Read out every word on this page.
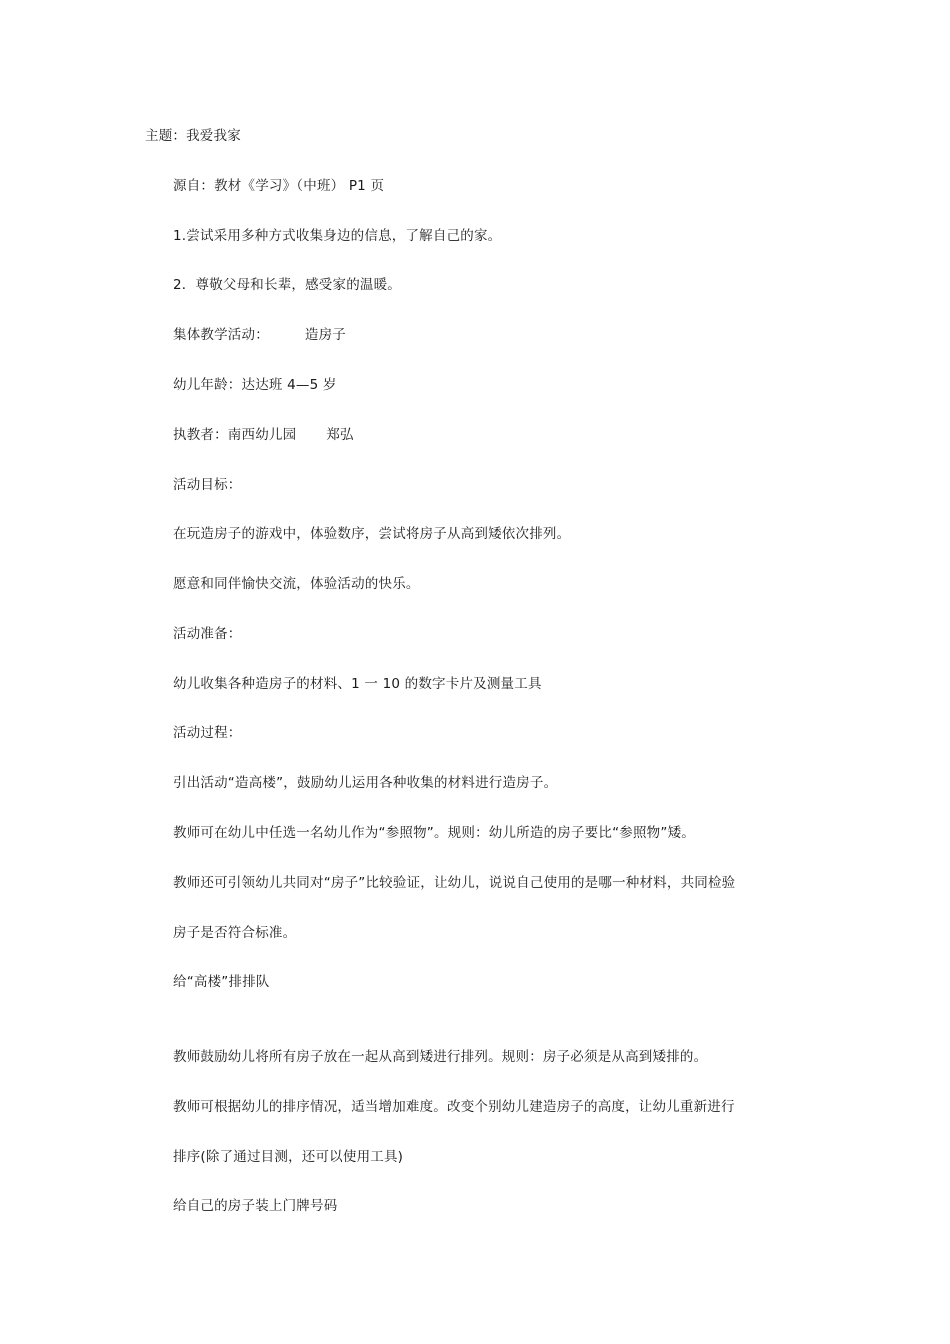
主题：我爱我家
源自：教材《学习》（中班） P1 页
1.尝试采用多种方式收集身边的信息，了解自己的家。
2．尊敬父母和长辈，感受家的温暖。
集体教学活动：	造房子
幼儿年龄：达达班 4—5 岁
执教者：南西幼儿园 郑弘
活动目标：
在玩造房子的游戏中，体验数序，尝试将房子从高到矮依次排列。
愿意和同伴愉快交流，体验活动的快乐。
活动准备：
幼儿收集各种造房子的材料、1 一 10 的数字卡片及测量工具
活动过程：
引出活动“造高楼”，鼓励幼儿运用各种收集的材料进行造房子。
教师可在幼儿中任选一名幼儿作为“参照物”。规则：幼儿所造的房子要比“参照物”矮。
教师还可引领幼儿共同对“房子”比较验证，让幼儿，说说自己使用的是哪一种材料，共同检验
房子是否符合标准。
给“高楼”排排队
教师鼓励幼儿将所有房子放在一起从高到矮进行排列。规则：房子必须是从高到矮排的。
教师可根据幼儿的排序情况，适当增加难度。改变个别幼儿建造房子的高度，让幼儿重新进行
排序(除了通过目测，还可以使用工具)
给自己的房子装上门牌号码
